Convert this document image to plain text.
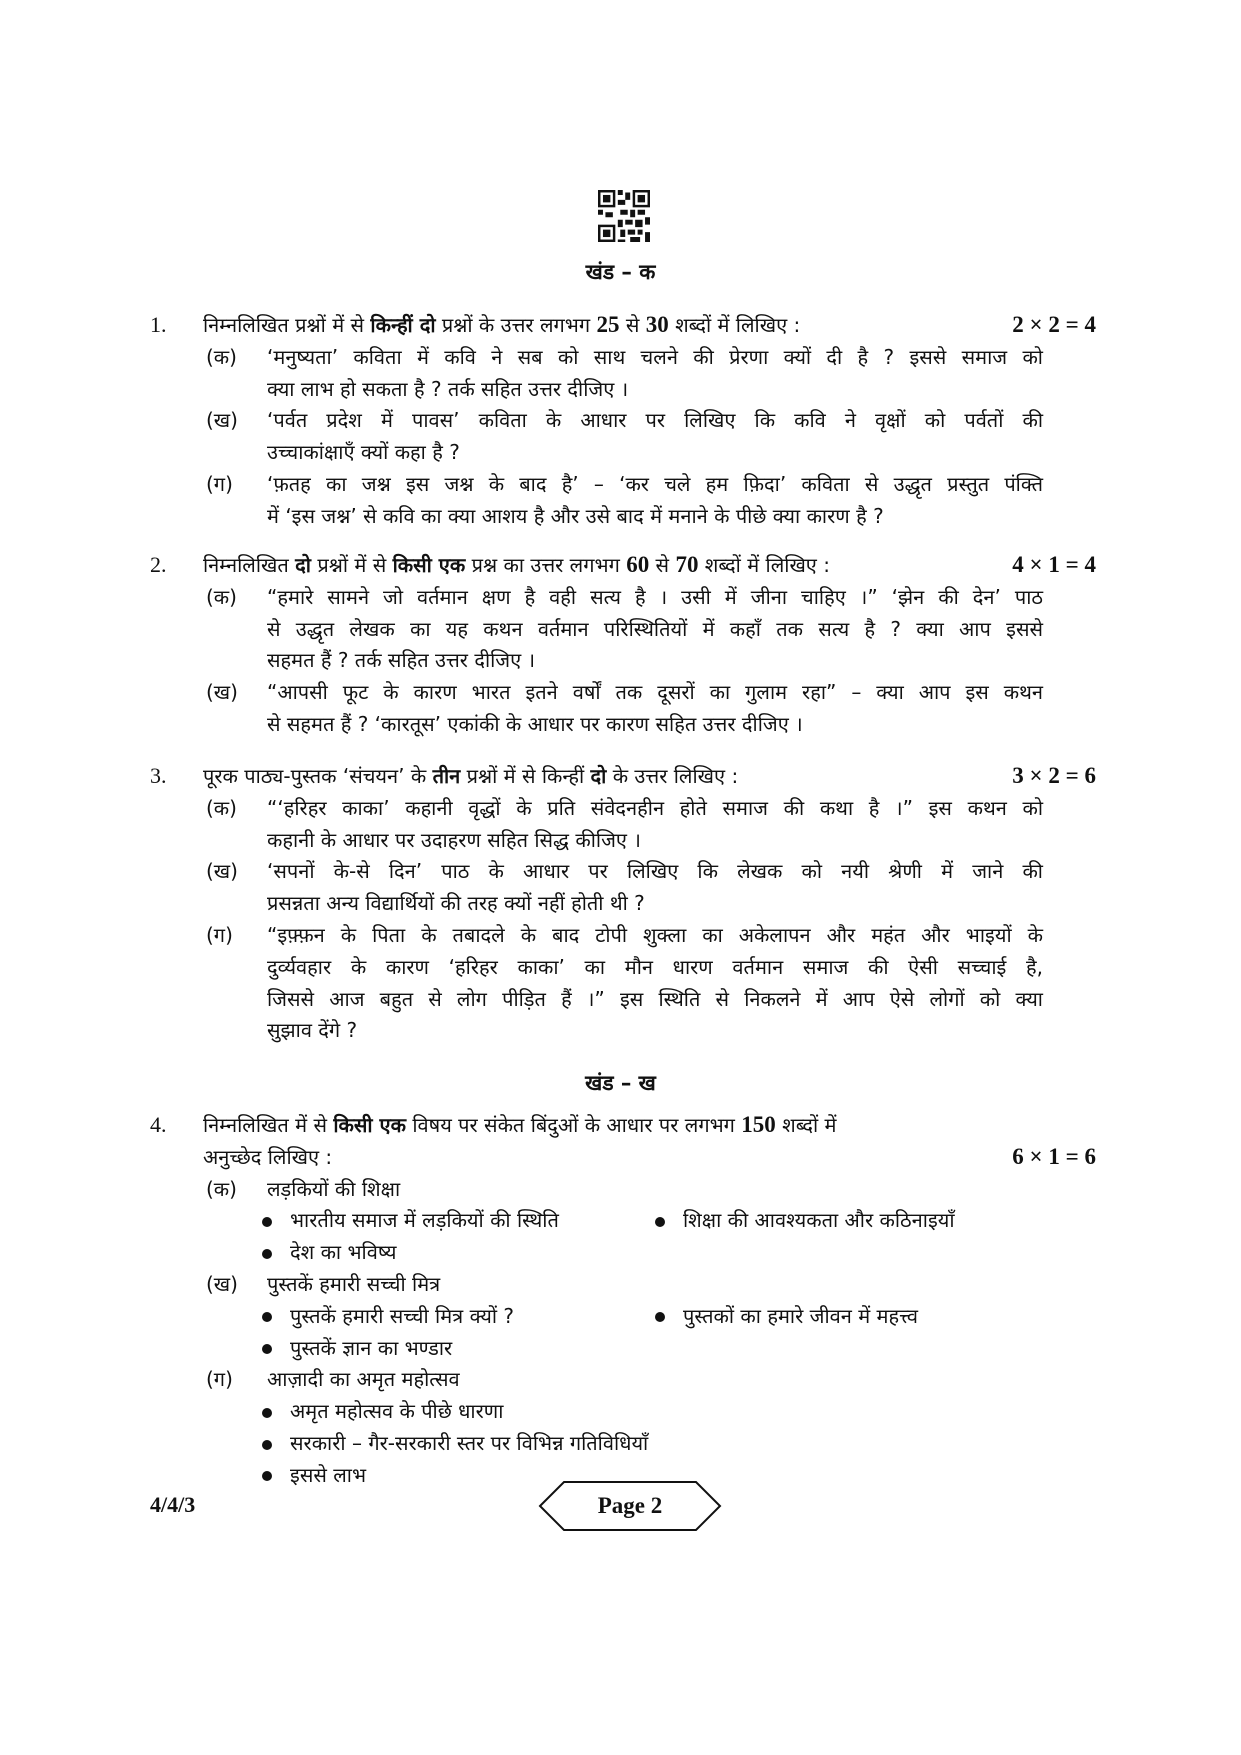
खंड – क
खंड – ख
1. निम्नलिखित प्रश्नों में से किन्हीं दो प्रश्नों के उत्तर लगभग 25 से 30 शब्दों में लिखिए :	2 × 2 = 4
(क) ‘मनुष्यता’ कविता में कवि ने सब को साथ चलने की प्रेरणा क्यों दी है ? इससे समाज को
क्या लाभ हो सकता है ? तर्क सहित उत्तर दीजिए ।
(ख) ‘पर्वत प्रदेश में पावस’ कविता के आधार पर लिखिए कि कवि ने वृक्षों को पर्वतों की
उच्चाकांक्षाएँ क्यों कहा है ?
(ग) ‘फ़तह का जश्न इस जश्न के बाद है’ – ‘कर चले हम फ़िदा’ कविता से उद्धृत प्रस्तुत पंक्ति
में ‘इस जश्न’ से कवि का क्या आशय है और उसे बाद में मनाने के पीछे क्या कारण है ?
2. निम्नलिखित दो प्रश्नों में से किसी एक प्रश्न का उत्तर लगभग 60 से 70 शब्दों में लिखिए :	4 × 1 = 4
(क) “हमारे सामने जो वर्तमान क्षण है वही सत्य है । उसी में जीना चाहिए ।” ‘झेन की देन’ पाठ
से उद्धृत लेखक का यह कथन वर्तमान परिस्थितियों में कहाँ तक सत्य है ? क्या आप इससे
सहमत हैं ? तर्क सहित उत्तर दीजिए ।
(ख) “आपसी फूट के कारण भारत इतने वर्षों तक दूसरों का गुलाम रहा” – क्या आप इस कथन
से सहमत हैं ? ‘कारतूस’ एकांकी के आधार पर कारण सहित उत्तर दीजिए ।
3. पूरक पाठ्य-पुस्तक ‘संचयन’ के तीन प्रश्नों में से किन्हीं दो के उत्तर लिखिए :	3 × 2 = 6
(क) “‘हरिहर काका’ कहानी वृद्धों के प्रति संवेदनहीन होते समाज की कथा है ।” इस कथन को
कहानी के आधार पर उदाहरण सहित सिद्ध कीजिए ।
(ख) ‘सपनों के-से दिन’ पाठ के आधार पर लिखिए कि लेखक को नयी श्रेणी में जाने की
प्रसन्नता अन्य विद्यार्थियों की तरह क्यों नहीं होती थी ?
(ग) “इफ़्फ़न के पिता के तबादले के बाद टोपी शुक्ला का अकेलापन और महंत और भाइयों के
दुर्व्यवहार के कारण ‘हरिहर काका’ का मौन धारण वर्तमान समाज की ऐसी सच्चाई है,
जिससे आज बहुत से लोग पीड़ित हैं ।” इस स्थिति से निकलने में आप ऐसे लोगों को क्या
सुझाव देंगे ?
4. निम्नलिखित में से किसी एक विषय पर संकेत बिंदुओं के आधार पर लगभग 150 शब्दों में
अनुच्छेद लिखिए :	6 × 1 = 6
(क) लड़कियों की शिक्षा
भारतीय समाज में लड़कियों की स्थिति	शिक्षा की आवश्यकता और कठिनाइयाँ
देश का भविष्य
(ख) पुस्तकें हमारी सच्ची मित्र
पुस्तकें हमारी सच्ची मित्र क्यों ?	पुस्तकों का हमारे जीवन में महत्त्व
पुस्तकें ज्ञान का भण्डार
(ग) आज़ादी का अमृत महोत्सव
अमृत महोत्सव के पीछे धारणा
सरकारी – गैर-सरकारी स्तर पर विभिन्न गतिविधियाँ
इससे लाभ
4/4/3	Page 2
